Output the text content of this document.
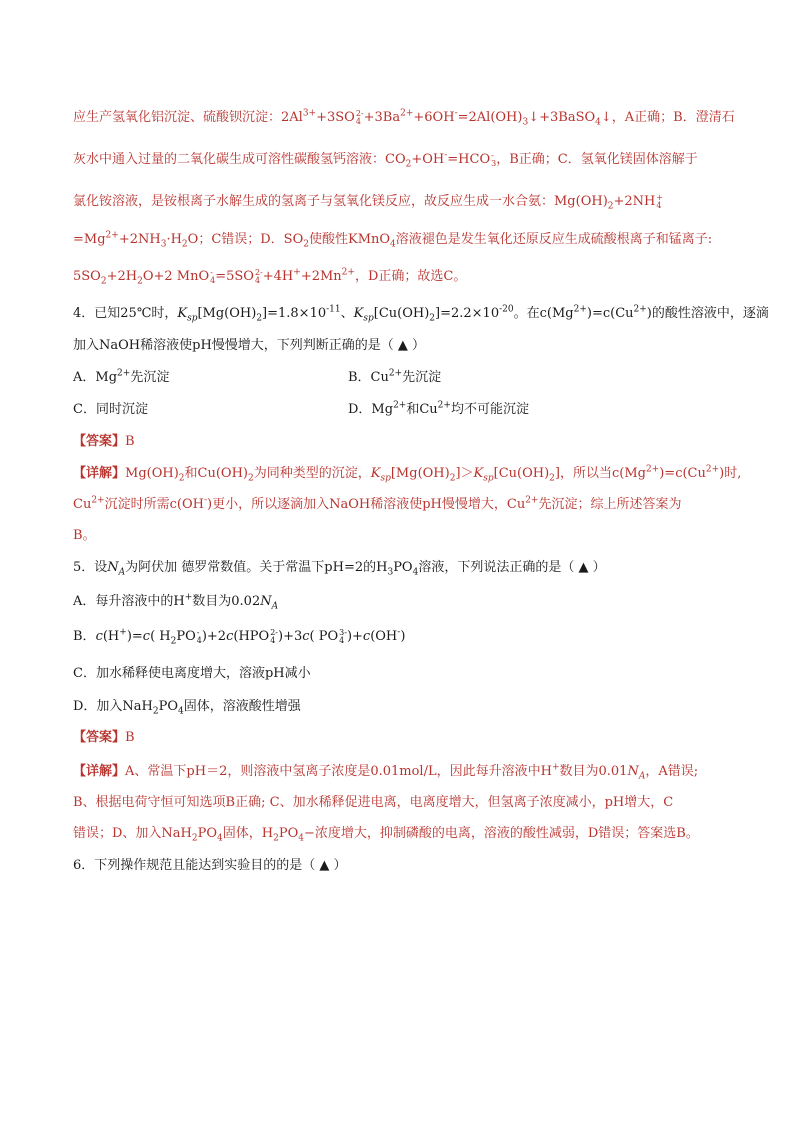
应生产氢氧化铝沉淀、硫酸钡沉淀：$2Al^{3+}+3SO$ 2-
$4 +3Ba^{2+}+6OH^-=2Al(OH)_3↓+3BaSO_4↓$，A正确；B．澄清石
灰水中通入过量的二氧化碳生成可溶性碳酸氢钙溶液：$CO_2+OH^-=HCO$ -
3 ，B正确；C．氢氧化镁固体溶解于
氯化铵溶液，是铵根离子水解生成的氢离子与氢氧化镁反应，故反应生成一水合氨：$Mg(OH)_2+2NH$ +
4
$=Mg^{2+}+2NH_3\cdot H_2O$；C错误；D．$SO_2$使酸性KMnO$_4$溶液褪色是发生氧化还原反应生成硫酸根离子和锰离子:
$5SO_2+2H_2O+2$ MnO -
4 =5SO 2-
$4 +4H^++2Mn^{2+}$，D正确；故选C。
4．已知25℃时，$K_{sp}[Mg(OH)_2]=1.8\times 10^{-11}$、$K_{sp}[Cu(OH)_2]=2.2\times 10^{-20}$。在$c(Mg^{2+})=c(Cu^{2+})$的酸性溶液中，逐滴
加入NaOH稀溶液使pH慢慢增大，下列判断正确的是（ ▲ ）
A．$Mg^{2+}$先沉淀	B．$Cu^{2+}$先沉淀
C．同时沉淀	D．$Mg^{2+}$和$Cu^{2+}$均不可能沉淀
【答案】B
【详解】$Mg(OH)_2$和$Cu(OH)_2$为同种类型的沉淀，$K_{sp}[Mg(OH)_2]>K_{sp}[Cu(OH)_2]$，所以当$c(Mg^{2+})=c(Cu^{2+})$时,
$Cu^{2+}$沉淀时所需c(OH-)更小，所以逐滴加入NaOH稀溶液使pH慢慢增大，$Cu^{2+}$先沉淀；综上所述答案为
B。
5．设$N_A$为阿伏加 德罗常数值。关于常温下pH=2的$H_3PO_4$溶液，下列说法正确的是（ ▲ ）
A．每升溶液中的H+数目为$0.02N_A$
B．c(H+)=c( $H_2PO$ -
4 )+2c(HPO 2-
4 )+3c( PO 3-
4 )+c(OH-)
C．加水稀释使电离度增大，溶液pH减小
D．加入$NaH_2PO_4$固体，溶液酸性增强
【答案】B
【详解】A、常温下pH＝2，则溶液中氢离子浓度是0.01mol/L，因此每升溶液中H+数目为$0.01N_A$，A错误;
B、根据电荷守恒可知选项B正确; C、加水稀释促进电离，电离度增大，但氢离子浓度减小，pH增大，C
错误；D、加入$NaH_2PO_4$固体，$H_2PO_4-$浓度增大，抑制磷酸的电离，溶液的酸性减弱，D错误；答案选B。
6．下列操作规范且能达到实验目的的是（ ▲ ）
